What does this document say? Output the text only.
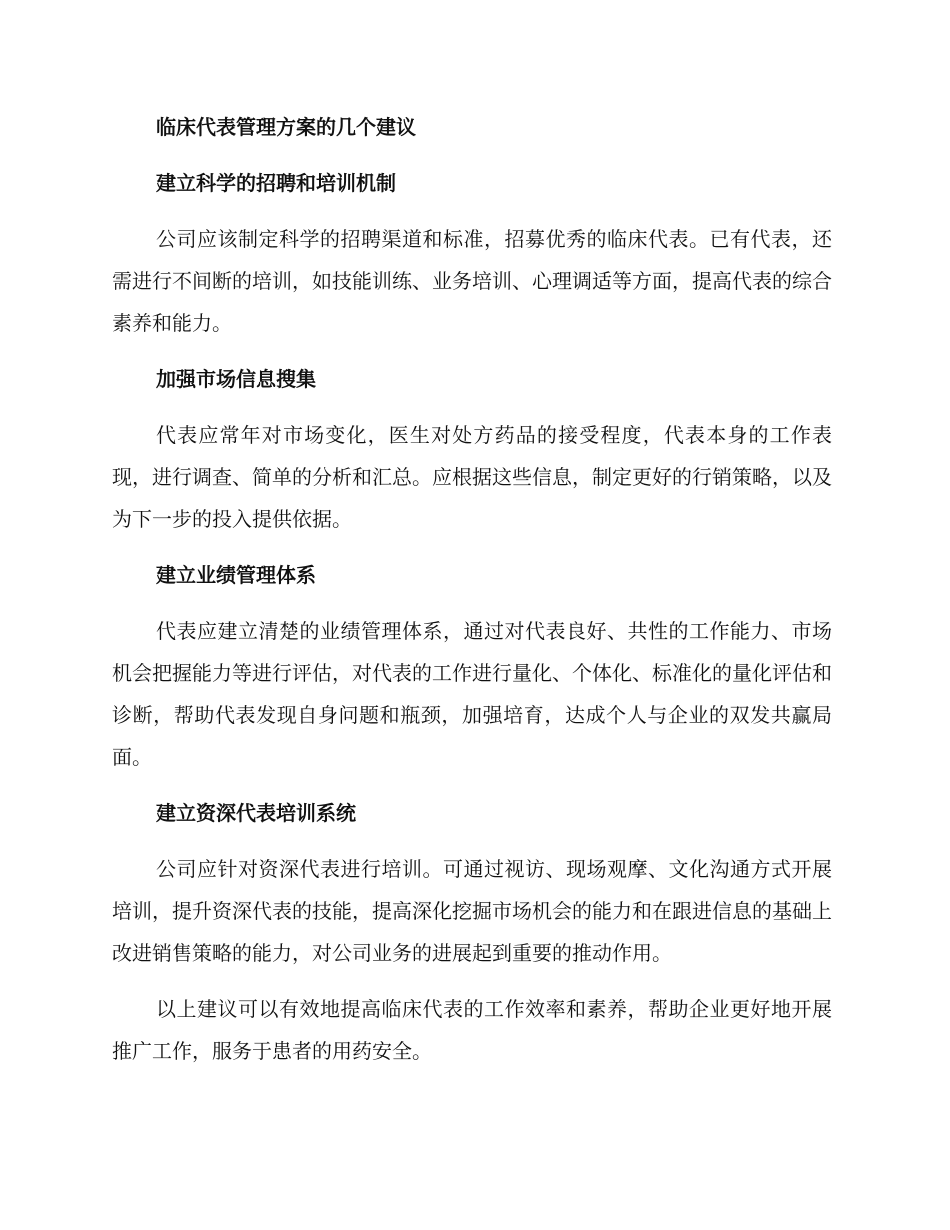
临床代表管理方案的几个建议

建立科学的招聘和培训机制

公司应该制定科学的招聘渠道和标准，招募优秀的临床代表。已有代表，还需进行不间断的培训，如技能训练、业务培训、心理调适等方面，提高代表的综合素养和能力。

加强市场信息搜集

代表应常年对市场变化，医生对处方药品的接受程度，代表本身的工作表现，进行调查、简单的分析和汇总。应根据这些信息，制定更好的行销策略，以及为下一步的投入提供依据。

建立业绩管理体系

代表应建立清楚的业绩管理体系，通过对代表良好、共性的工作能力、市场机会把握能力等进行评估，对代表的工作进行量化、个体化、标准化的量化评估和诊断，帮助代表发现自身问题和瓶颈，加强培育，达成个人与企业的双发共赢局面。

建立资深代表培训系统

公司应针对资深代表进行培训。可通过视访、现场观摩、文化沟通方式开展培训，提升资深代表的技能，提高深化挖掘市场机会的能力和在跟进信息的基础上改进销售策略的能力，对公司业务的进展起到重要的推动作用。

以上建议可以有效地提高临床代表的工作效率和素养，帮助企业更好地开展推广工作，服务于患者的用药安全。
